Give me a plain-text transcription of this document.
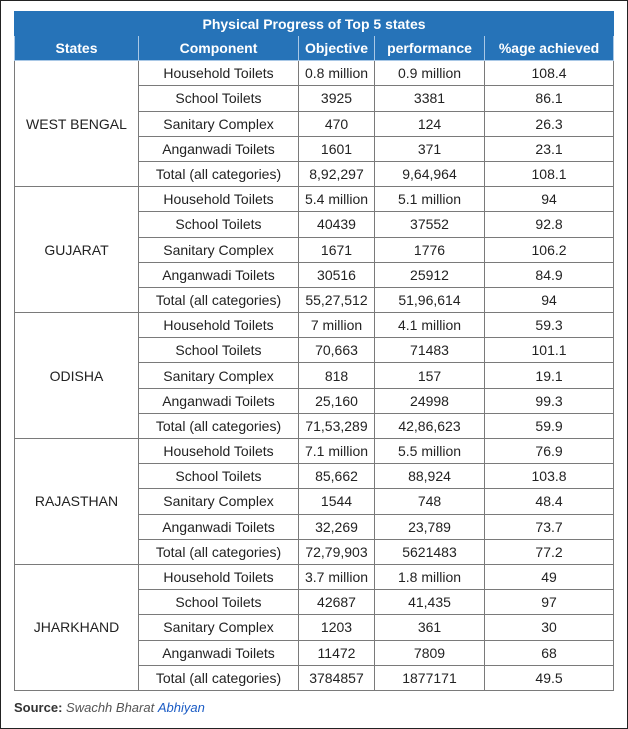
Physical Progress of Top 5 states				
States	Component	Objective	performance	%age achieved
WEST BENGAL	Household Toilets	0.8 million	0.9 million	108.4
	School Toilets	3925	3381	86.1
	Sanitary Complex	470	124	26.3
	Anganwadi Toilets	1601	371	23.1
	Total (all categories)	8,92,297	9,64,964	108.1
GUJARAT	Household Toilets	5.4 million	5.1 million	94
	School Toilets	40439	37552	92.8
	Sanitary Complex	1671	1776	106.2
	Anganwadi Toilets	30516	25912	84.9
	Total (all categories)	55,27,512	51,96,614	94
ODISHA	Household Toilets	7 million	4.1 million	59.3
	School Toilets	70,663	71483	101.1
	Sanitary Complex	818	157	19.1
	Anganwadi Toilets	25,160	24998	99.3
	Total (all categories)	71,53,289	42,86,623	59.9
RAJASTHAN	Household Toilets	7.1 million	5.5 million	76.9
	School Toilets	85,662	88,924	103.8
	Sanitary Complex	1544	748	48.4
	Anganwadi Toilets	32,269	23,789	73.7
	Total (all categories)	72,79,903	5621483	77.2
JHARKHAND	Household Toilets	3.7 million	1.8 million	49
	School Toilets	42687	41,435	97
	Sanitary Complex	1203	361	30
	Anganwadi Toilets	11472	7809	68
	Total (all categories)	3784857	1877171	49.5
Source: Swachh Bharat Abhiyan
